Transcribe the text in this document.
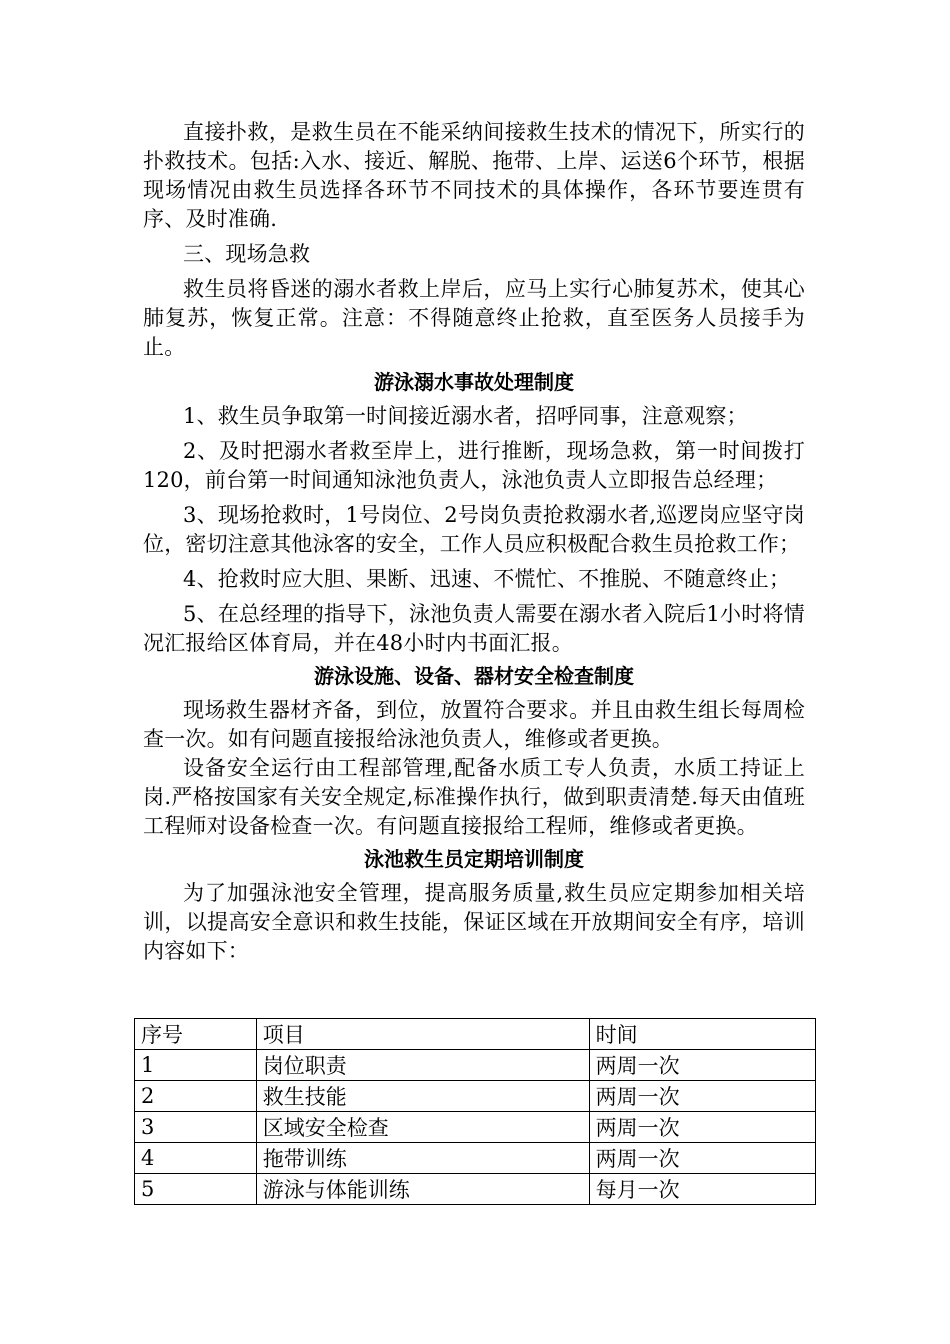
直接扑救，是救生员在不能采纳间接救生技术的情况下，所实行的扑救技术。包括:入水、接近、解脱、拖带、上岸、运送6个环节，根据现场情况由救生员选择各环节不同技术的具体操作，各环节要连贯有序、及时准确.

三、现场急救

救生员将昏迷的溺水者救上岸后，应马上实行心肺复苏术，使其心肺复苏，恢复正常。注意：不得随意终止抢救，直至医务人员接手为止。

游泳溺水事故处理制度

1、救生员争取第一时间接近溺水者，招呼同事，注意观察；

2、及时把溺水者救至岸上，进行推断，现场急救，第一时间拨打120，前台第一时间通知泳池负责人，泳池负责人立即报告总经理；

3、现场抢救时，1号岗位、2号岗负责抢救溺水者,巡逻岗应坚守岗位，密切注意其他泳客的安全，工作人员应积极配合救生员抢救工作；

4、抢救时应大胆、果断、迅速、不慌忙、不推脱、不随意终止；

5、在总经理的指导下，泳池负责人需要在溺水者入院后1小时将情况汇报给区体育局，并在48小时内书面汇报。

游泳设施、设备、器材安全检查制度

现场救生器材齐备，到位，放置符合要求。并且由救生组长每周检查一次。如有问题直接报给泳池负责人，维修或者更换。

设备安全运行由工程部管理,配备水质工专人负责，水质工持证上岗.严格按国家有关安全规定,标准操作执行，做到职责清楚.每天由值班工程师对设备检查一次。有问题直接报给工程师，维修或者更换。

泳池救生员定期培训制度

为了加强泳池安全管理，提高服务质量,救生员应定期参加相关培训，以提高安全意识和救生技能，保证区域在开放期间安全有序，培训内容如下：

序号	项目	时间
1	岗位职责	两周一次
2	救生技能	两周一次
3	区域安全检查	两周一次
4	拖带训练	两周一次
5	游泳与体能训练	每月一次
